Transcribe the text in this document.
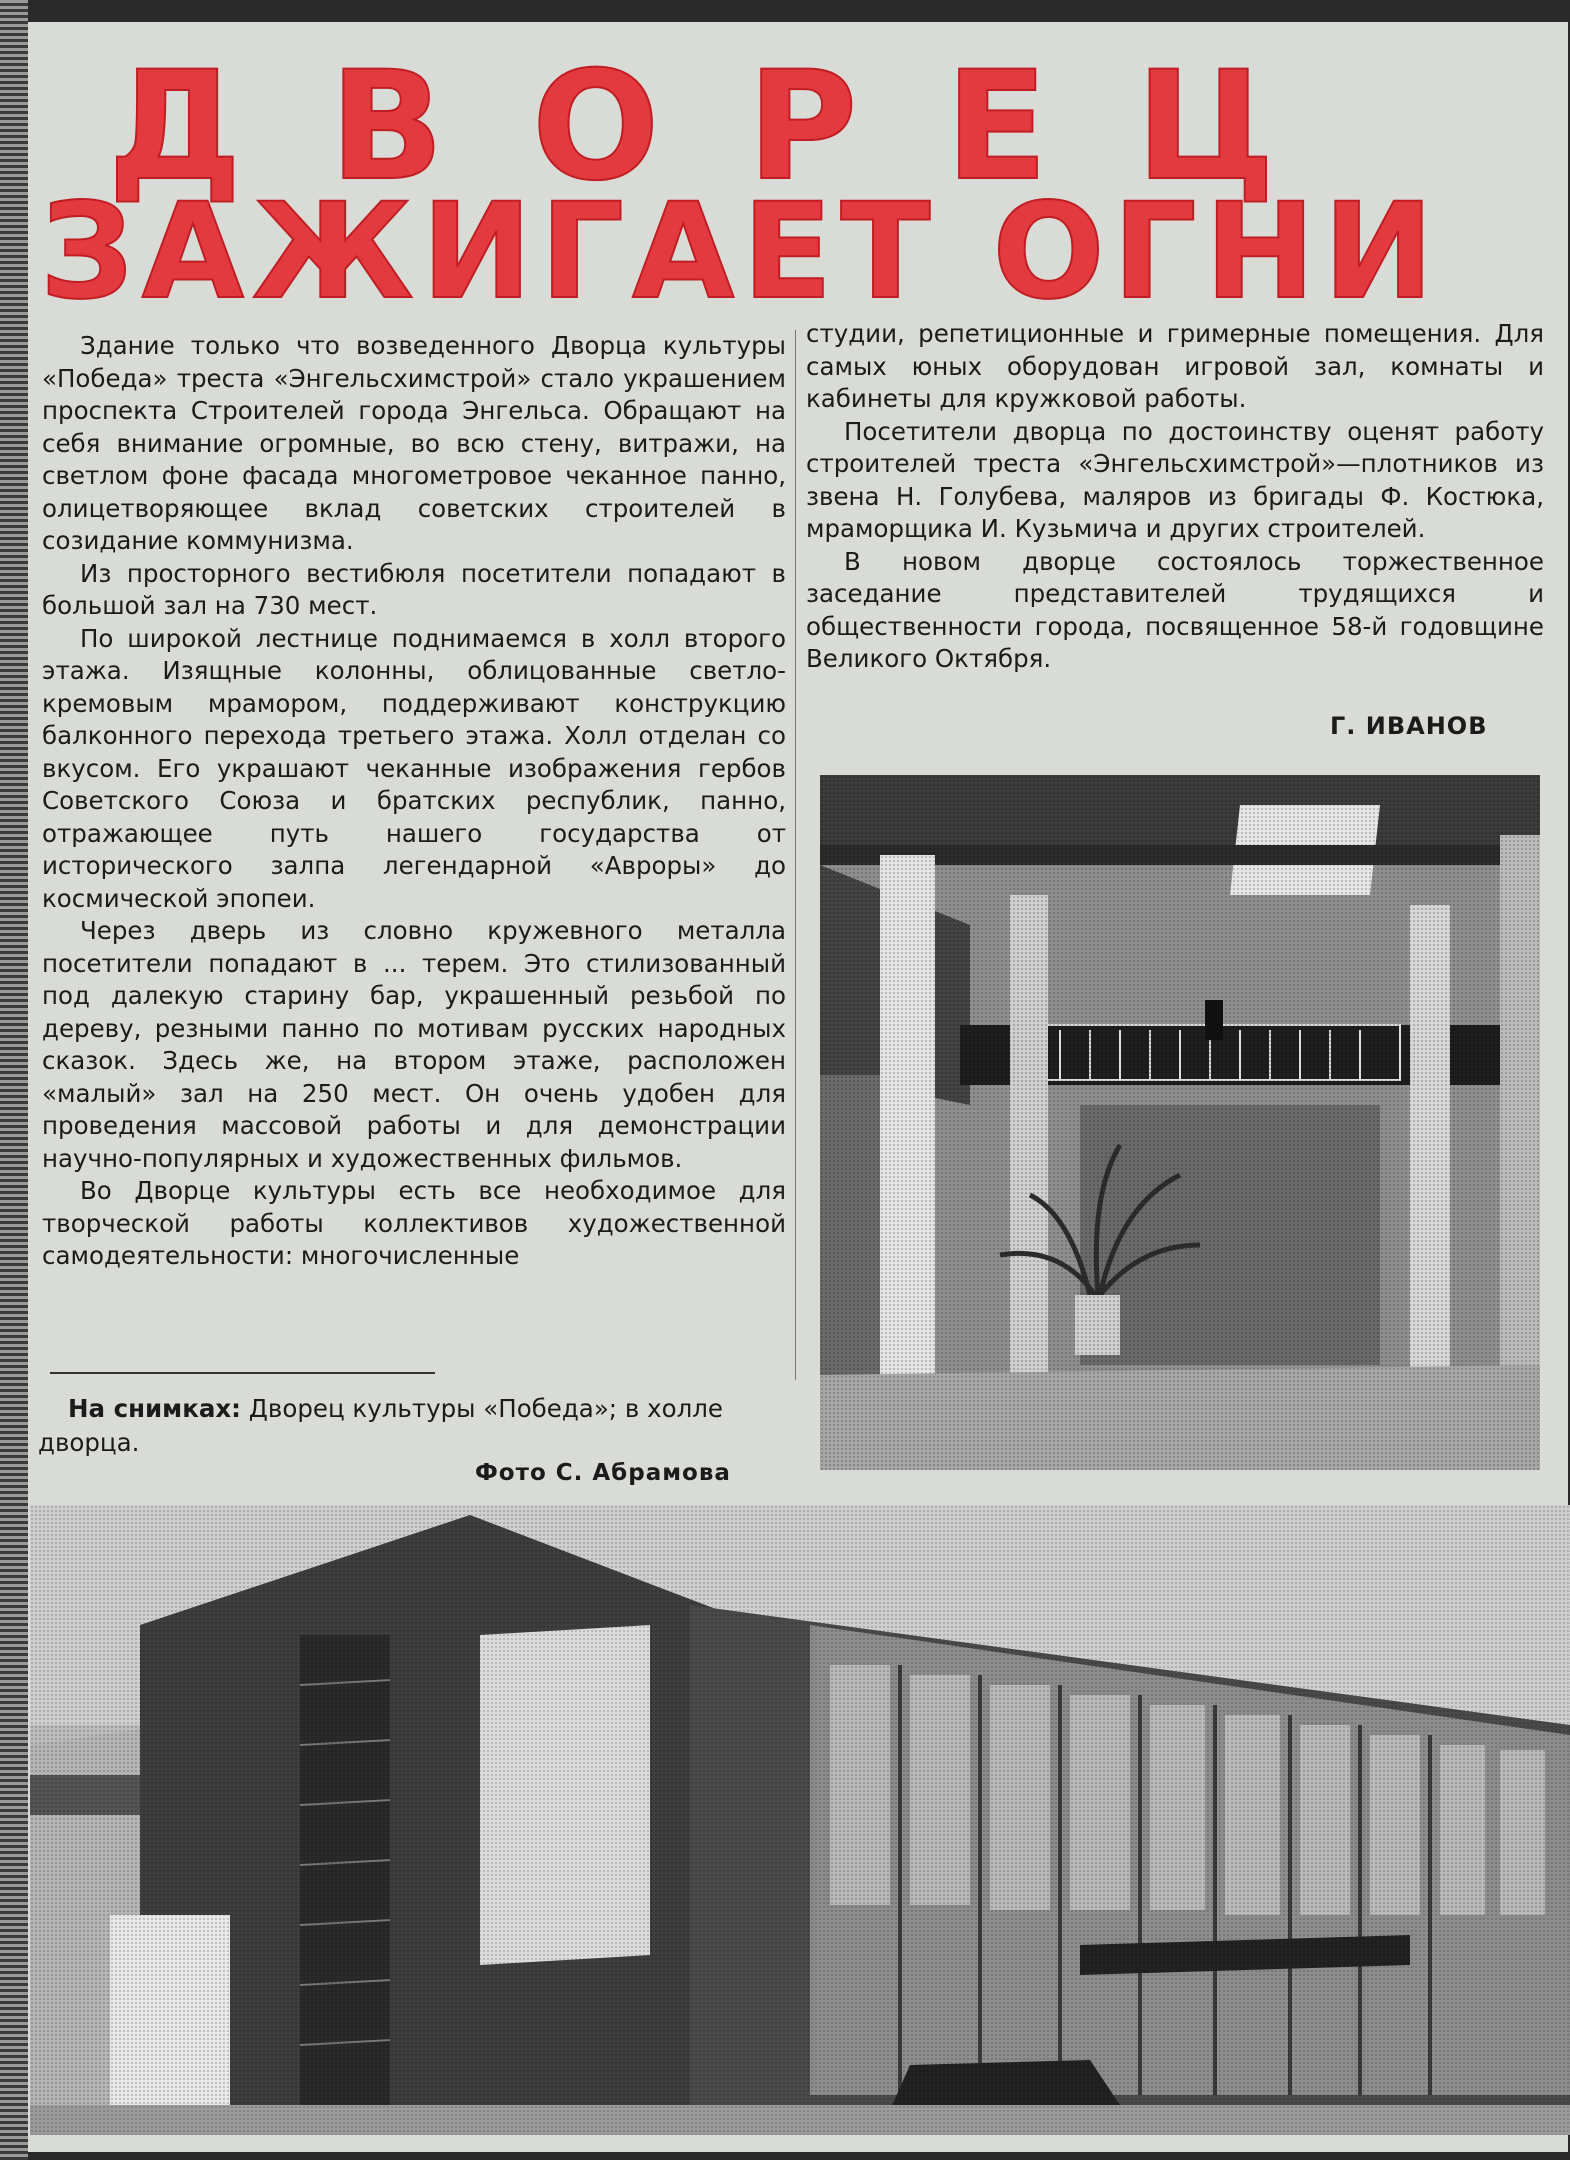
ДВОРЕЦ
ЗАЖИГАЕТ ОГНИ

Здание только что возведенного Дворца культуры «Победа» треста «Энгельсхимстрой» стало украшением проспекта Строителей города Энгельса. Обращают на себя внимание огромные, во всю стену, витражи, на светлом фоне фасада многометровое чеканное панно, олицетворяющее вклад советских строителей в созидание коммунизма.

Из просторного вестибюля посетители попадают в большой зал на 730 мест.

По широкой лестнице поднимаемся в холл второго этажа. Изящные колонны, облицованные светло-кремовым мрамором, поддерживают конструкцию балконного перехода третьего этажа. Холл отделан со вкусом. Его украшают чеканные изображения гербов Советского Союза и братских республик, панно, отражающее путь нашего государства от исторического залпа легендарной «Авроры» до космической эпопеи.

Через дверь из словно кружевного металла посетители попадают в ... терем. Это стилизованный под далекую старину бар, украшенный резьбой по дереву, резными панно по мотивам русских народных сказок. Здесь же, на втором этаже, расположен «малый» зал на 250 мест. Он очень удобен для проведения массовой работы и для демонстрации научно-популярных и художественных фильмов.

Во Дворце культуры есть все необходимое для творческой работы коллективов художественной самодеятельности: многочисленные

студии, репетиционные и гримерные помещения. Для самых юных оборудован игровой зал, комнаты и кабинеты для кружковой работы.

Посетители дворца по достоинству оценят работу строителей треста «Энгельсхимстрой»—плотников из звена Н. Голубева, маляров из бригады Ф. Костюка, мраморщика И. Кузьмича и других строителей.

В новом дворце состоялось торжественное заседание представителей трудящихся и общественности города, посвященное 58-й годовщине Великого Октября.

Г. ИВАНОВ
На снимках: Дворец культуры «Победа»; в холле дворца.
Фото С. Абрамова
